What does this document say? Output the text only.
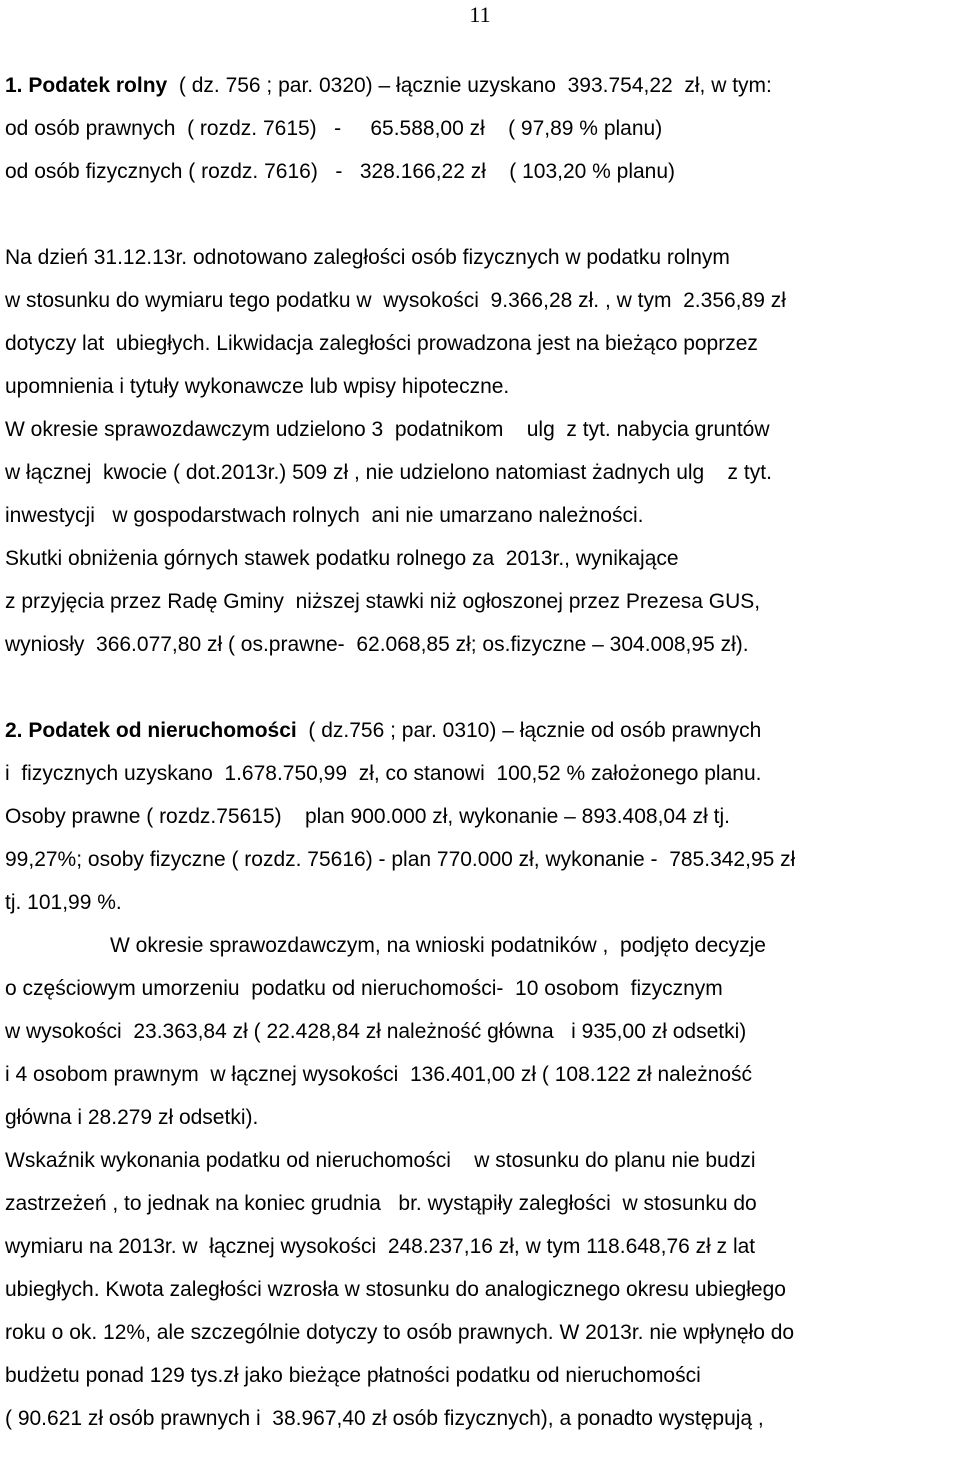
11
1. Podatek rolny  ( dz. 756 ; par. 0320) – łącznie uzyskano  393.754,22  zł, w tym:
od osób prawnych  ( rozdz. 7615)   -     65.588,00 zł    ( 97,89 % planu)
od osób fizycznych ( rozdz. 7616)   -   328.166,22 zł    ( 103,20 % planu)
Na dzień 31.12.13r. odnotowano zaległości osób fizycznych w podatku rolnym
w stosunku do wymiaru tego podatku w  wysokości  9.366,28 zł. , w tym  2.356,89 zł
dotyczy lat  ubiegłych. Likwidacja zaległości prowadzona jest na bieżąco poprzez
upomnienia i tytuły wykonawcze lub wpisy hipoteczne.
W okresie sprawozdawczym udzielono 3  podatnikom    ulg  z tyt. nabycia gruntów
w łącznej  kwocie ( dot.2013r.) 509 zł , nie udzielono natomiast żadnych ulg    z tyt.
inwestycji   w gospodarstwach rolnych  ani nie umarzano należności.
Skutki obniżenia górnych stawek podatku rolnego za  2013r., wynikające
z przyjęcia przez Radę Gminy  niższej stawki niż ogłoszonej przez Prezesa GUS,
wyniosły  366.077,80 zł ( os.prawne-  62.068,85 zł; os.fizyczne – 304.008,95 zł).
2. Podatek od nieruchomości  ( dz.756 ; par. 0310) – łącznie od osób prawnych
i  fizycznych uzyskano  1.678.750,99  zł, co stanowi  100,52 % założonego planu.
Osoby prawne ( rozdz.75615)    plan 900.000 zł, wykonanie – 893.408,04 zł tj.
99,27%; osoby fizyczne ( rozdz. 75616) - plan 770.000 zł, wykonanie -  785.342,95 zł
tj. 101,99 %.
W okresie sprawozdawczym, na wnioski podatników ,  podjęto decyzje
o częściowym umorzeniu  podatku od nieruchomości-  10 osobom  fizycznym
w wysokości  23.363,84 zł ( 22.428,84 zł należność główna   i 935,00 zł odsetki)
i 4 osobom prawnym  w łącznej wysokości  136.401,00 zł ( 108.122 zł należność
główna i 28.279 zł odsetki).
Wskaźnik wykonania podatku od nieruchomości    w stosunku do planu nie budzi
zastrzeżeń , to jednak na koniec grudnia   br. wystąpiły zaległości  w stosunku do
wymiaru na 2013r. w  łącznej wysokości  248.237,16 zł, w tym 118.648,76 zł z lat
ubiegłych. Kwota zaległości wzrosła w stosunku do analogicznego okresu ubiegłego
roku o ok. 12%, ale szczególnie dotyczy to osób prawnych. W 2013r. nie wpłynęło do
budżetu ponad 129 tys.zł jako bieżące płatności podatku od nieruchomości
( 90.621 zł osób prawnych i  38.967,40 zł osób fizycznych), a ponadto występują ,
